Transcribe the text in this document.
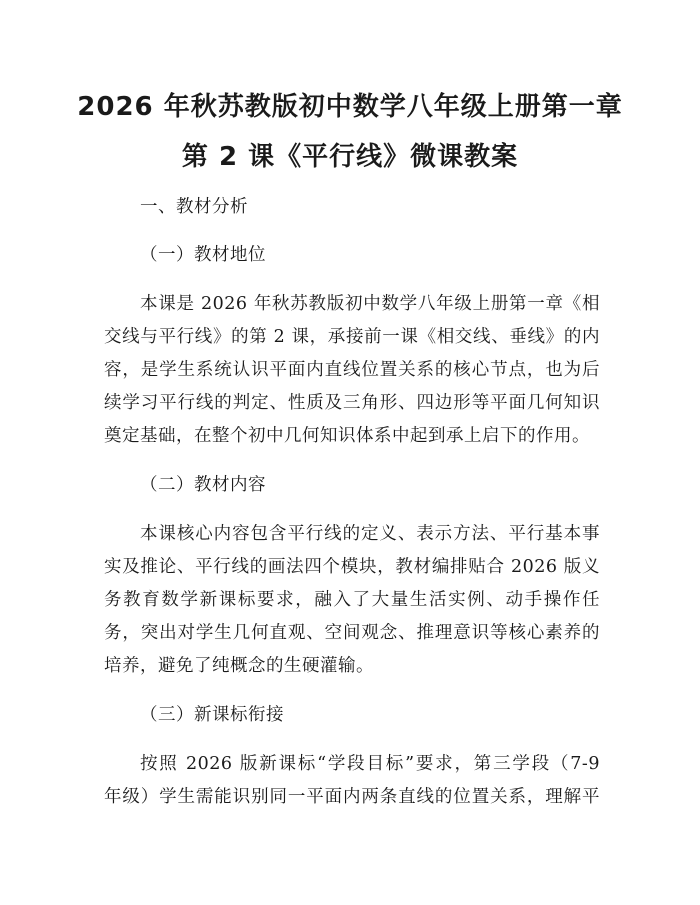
2026 年秋苏教版初中数学八年级上册第一章
第 2 课《平行线》微课教案
一、教材分析
（一）教材地位
本课是 2026 年秋苏教版初中数学八年级上册第一章《相
交线与平行线》的第 2 课，承接前一课《相交线、垂线》的内
容，是学生系统认识平面内直线位置关系的核心节点，也为后
续学习平行线的判定、性质及三角形、四边形等平面几何知识
奠定基础，在整个初中几何知识体系中起到承上启下的作用。
（二）教材内容
本课核心内容包含平行线的定义、表示方法、平行基本事
实及推论、平行线的画法四个模块，教材编排贴合 2026 版义
务教育数学新课标要求，融入了大量生活实例、动手操作任
务，突出对学生几何直观、空间观念、推理意识等核心素养的
培养，避免了纯概念的生硬灌输。
（三）新课标衔接
按照 2026 版新课标“学段目标”要求，第三学段（7-9
年级）学生需能识别同一平面内两条直线的位置关系，理解平
